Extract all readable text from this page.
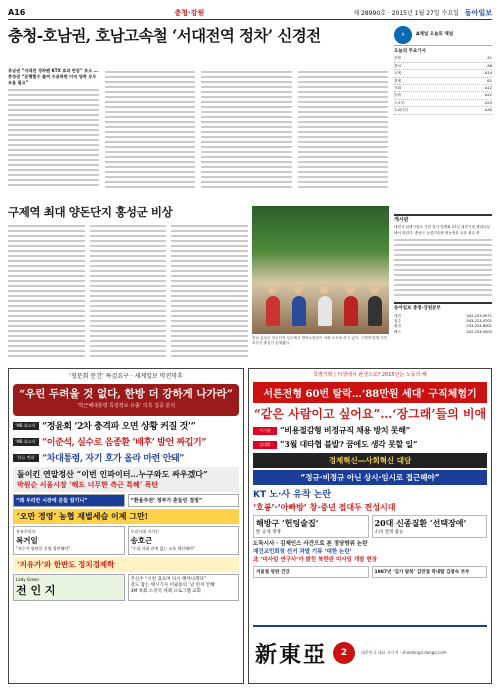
A16	충청·강원	제 28990호 · 2015년 1월 27일 수요일 동아일보
충청-호남권, 호남고속철 ‘서대전역 정차’ 신경전
호남권 “서대전 정차땐 KTX 효과 반감” 호소 … 충청권 “운행횟수 줄여 수용하면 이익 양측 모두 조율 필요”
A	A채널 오늘의 채널
오늘의 주요기사
종합	A1
정치	A6
국제	A14
경제	B1
사회	A12
문화	A22
스포츠	A25
오피니언	A30
구제역 최대 양돈단지 홍성군 비상
충남 홍성군 양돈단지 입구에서 방역요원들이 차량 소독을 하고 있다. 구제역 발생 이후 외부인 출입이 통제됐다.
게시판
대전시 위생시험소 시민 검사 설명회 27일 대전시청 세미나실에서 열린다. 충남도 농업기술원 귀농귀촌 교육 접수 중.
동아일보 충청·강원본부
대전	042-253-0071
청주	043-223-4701
춘천	033-254-8901
팩스	042-253-0505
‘청문회 문건’ 특검요구 · 세계일보 막전막후
“우린 두려울 것 없다, 한방 더 강하게 나가라”
‘박근혜대통령 특검정보 유출’ 의혹 집중 분석
‘MB 회고록’ “정윤회 ‘2차 충격파 오면 상황 커질 것’”
‘MB 회고록’ “이준석, 실수로 음종환 ‘배후’ 발언 짜깁기”
‘한류 변화’ “차대통령, 자기 호가 올라 마련 안돼”
돌이킨 연말정산 “이번 인파이터…누구와도 싸우겠다”
박원순 서울시장 ‘해도 너무한 측근 특혜’ 폭탄
“왜 우리만 시장에 분들 알기니”	“환율주권’ 정부가 흔들린 결정”
‘오만 경영’ 농협 재벌세습 이제 그만!
자유주의자
복거일
“보수가 형편한 진영 정반해야”
우리시대 지식인
송호근
“우리 사회 관계 없는 교육 혁신해야”
‘지유가’와 한반도 정치경제학
Lady Green
전 인 지
추신수 “시련 겪으며 다시 태어나겠다”
강도 잡는 택시기사 이필중의 ‘날 먼저 안해’
3M 목회 소강석 세례 프로그램 교회
특별기획 | 미생에서 완생으로? 2015년는 노동의 해
서른전형 60번 탈락…‘88만원 세대’ 구직체험기
“같은 사람이고 싶어요”…‘장그래’들의 비애
이기권	“비용절감형 비정규직 채용 방치 못해”
김대환	“3월 대타협 불발? 꿈에도 생각 못할 일”
경제혁신—사회혁신 대담
“정규·비정규 아닌 상시·임시로 접근해야”
KT 노·사 유착 논란
‘호봉’·‘아빠방’ 창·중년 접대두 전성시대
해방구 ‘헌팅술집’
性 공개 경쟁
20대 신종질환 ‘선택장애’
소비 결정 불능
도둑시사 · 김제인스 사건으로 본 정당방위 논란
재건교민회장 선거 과열 기류 ‘대한 논란’
北 ‘미사일 연구사’가 밝힌 북한판 미사일 개발 현장
겨울철 빙판 건강	1987년 ‘길가 탈북’ 김만철 막내딸 김광숙 부부
新東亞	2	대한민국 대표 시사지 · shindonga.donga.com
